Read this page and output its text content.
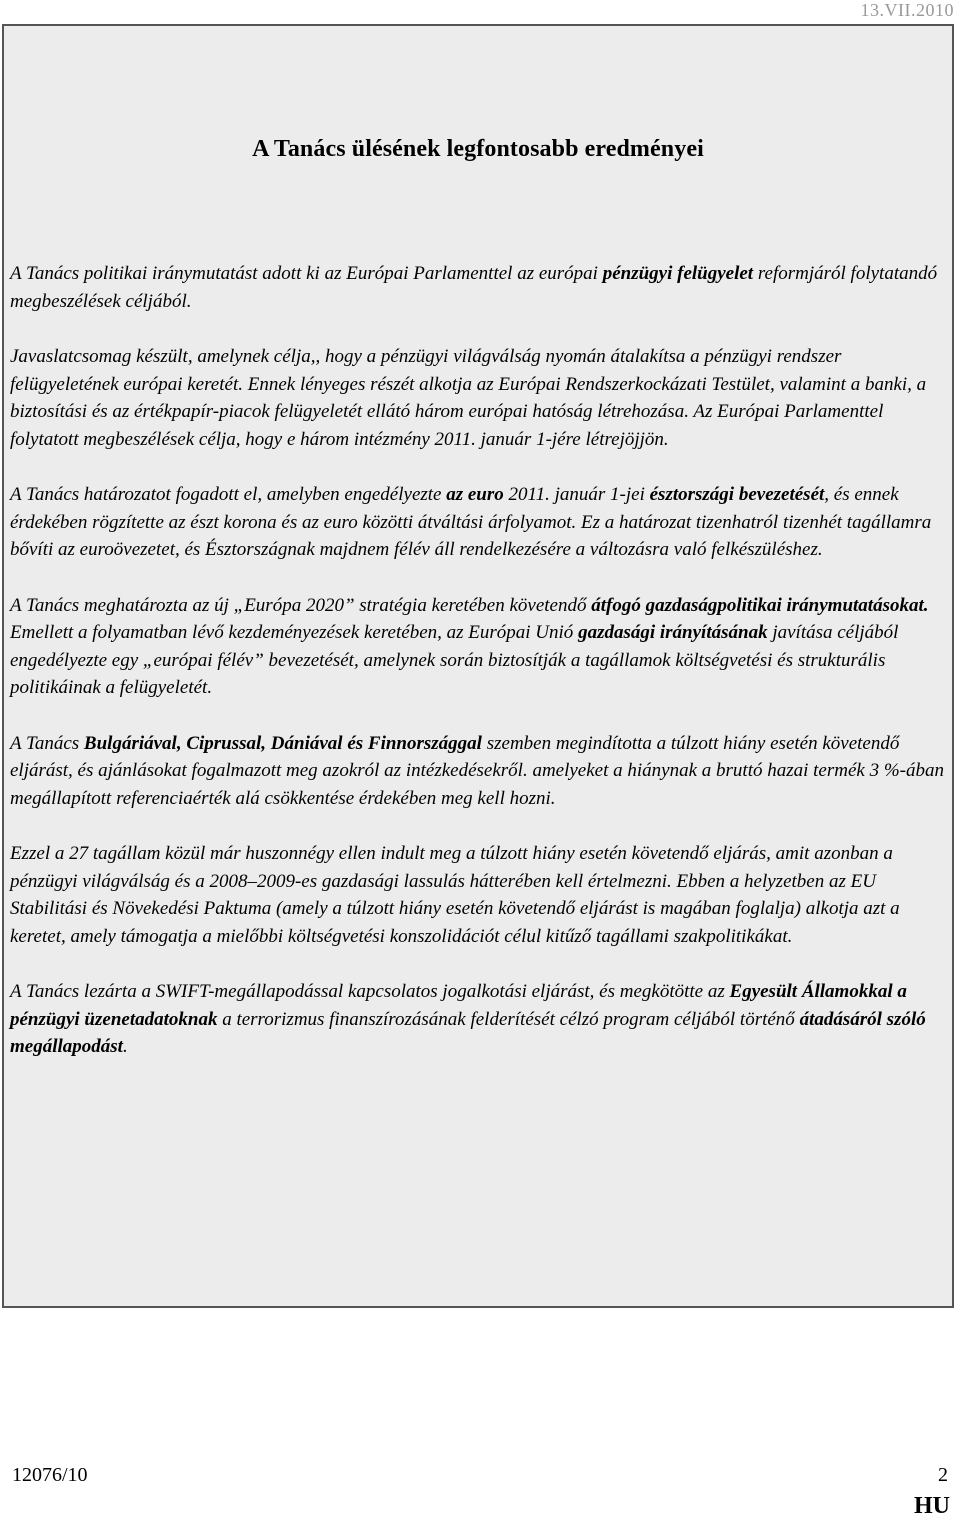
13.VII.2010
A Tanács ülésének legfontosabb eredményei

A Tanács politikai iránymutatást adott ki az Európai Parlamenttel az európai pénzügyi felügyelet reformjáról folytatandó megbeszélések céljából.

Javaslatcsomag készült, amelynek célja,, hogy a pénzügyi világválság nyomán átalakítsa a pénzügyi rendszer felügyeletének európai keretét. Ennek lényeges részét alkotja az Európai Rendszerkockázati Testület, valamint a banki, a biztosítási és az értékpapír-piacok felügyeletét ellátó három európai hatóság létrehozása. Az Európai Parlamenttel folytatott megbeszélések célja, hogy e három intézmény 2011. január 1-jére létrejöjjön.

A Tanács határozatot fogadott el, amelyben engedélyezte az euro 2011. január 1-jei észtországi bevezetését, és ennek érdekében rögzítette az észt korona és az euro közötti átváltási árfolyamot. Ez a határozat tizenhatról tizenhét tagállamra bővíti az euroövezetet, és Észtországnak majdnem félév áll rendelkezésére a változásra való felkészüléshez.

A Tanács meghatározta az új „Európa 2020” stratégia keretében követendő átfogó gazdaságpolitikai iránymutatásokat. Emellett a folyamatban lévő kezdeményezések keretében, az Európai Unió gazdasági irányításának javítása céljából engedélyezte egy „európai félév” bevezetését, amelynek során biztosítják a tagállamok költségvetési és strukturális politikáinak a felügyeletét.

A Tanács Bulgáriával, Ciprussal, Dániával és Finnországgal szemben megindította a túlzott hiány esetén követendő eljárást, és ajánlásokat fogalmazott meg azokról az intézkedésekről. amelyeket a hiánynak a bruttó hazai termék 3 %-ában megállapított referenciaérték alá csökkentése érdekében meg kell hozni.

Ezzel a 27 tagállam közül már huszonnégy ellen indult meg a túlzott hiány esetén követendő eljárás, amit azonban a pénzügyi világválság és a 2008–2009-es gazdasági lassulás hátterében kell értelmezni. Ebben a helyzetben az EU Stabilitási és Növekedési Paktuma (amely a túlzott hiány esetén követendő eljárást is magában foglalja) alkotja azt a keretet, amely támogatja a mielőbbi költségvetési konszolidációt célul kitűző tagállami szakpolitikákat.

A Tanács lezárta a SWIFT-megállapodással kapcsolatos jogalkotási eljárást, és megkötötte az Egyesült Államokkal a pénzügyi üzenetadatoknak a terrorizmus finanszírozásának felderítését célzó program céljából történő átadásáról szóló megállapodást.

12076/10	2
HU
